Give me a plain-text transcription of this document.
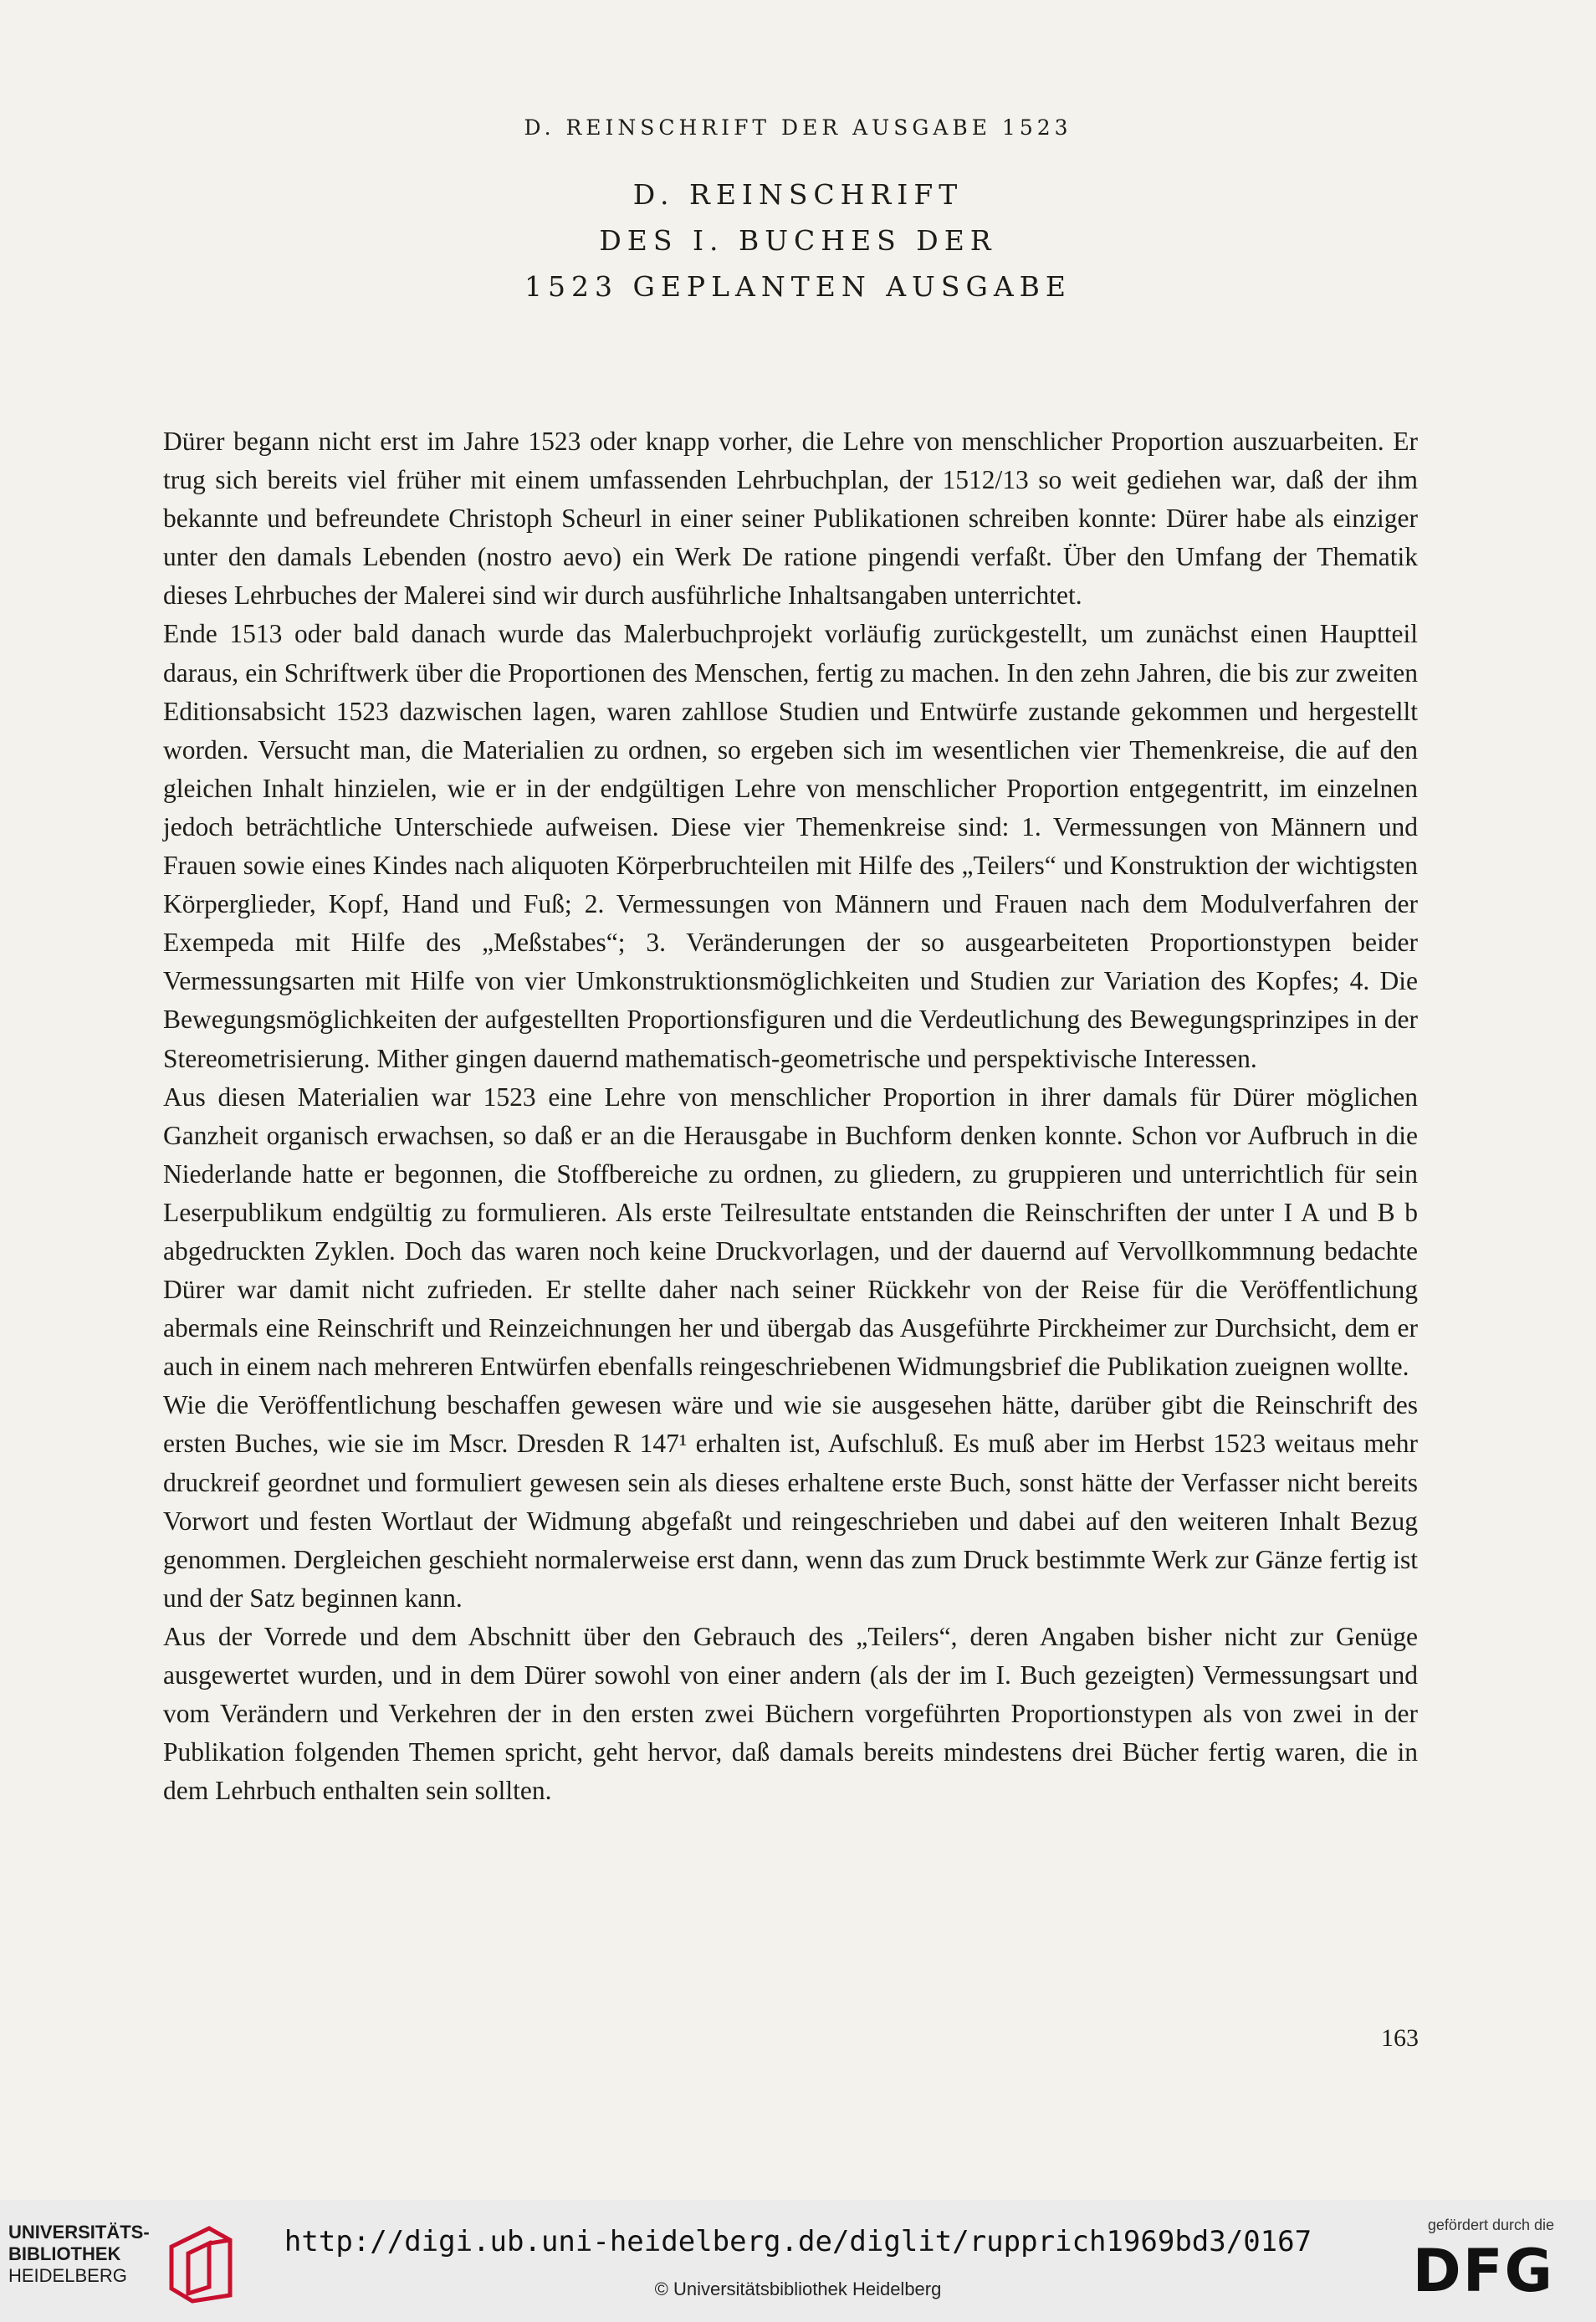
D. REINSCHRIFT DER AUSGABE 1523
D. REINSCHRIFT
DES I. BUCHES DER
1523 GEPLANTEN AUSGABE

Dürer begann nicht erst im Jahre 1523 oder knapp vorher, die Lehre von menschlicher Proportion auszuarbeiten. Er trug sich bereits viel früher mit einem umfassenden Lehrbuchplan, der 1512/13 so weit gediehen war, daß der ihm bekannte und befreundete Christoph Scheurl in einer seiner Publikationen schreiben konnte: Dürer habe als einziger unter den damals Lebenden (nostro aevo) ein Werk De ratione pingendi verfaßt. Über den Umfang der Thematik dieses Lehrbuches der Malerei sind wir durch ausführliche Inhaltsangaben unterrichtet.

Ende 1513 oder bald danach wurde das Malerbuchprojekt vorläufig zurückgestellt, um zunächst einen Hauptteil daraus, ein Schriftwerk über die Proportionen des Menschen, fertig zu machen. In den zehn Jahren, die bis zur zweiten Editionsabsicht 1523 dazwischen lagen, waren zahllose Studien und Entwürfe zustande gekommen und hergestellt worden. Versucht man, die Materialien zu ordnen, so ergeben sich im wesentlichen vier Themenkreise, die auf den gleichen Inhalt hinzielen, wie er in der endgültigen Lehre von menschlicher Proportion entgegentritt, im einzelnen jedoch beträchtliche Unterschiede aufweisen. Diese vier Themenkreise sind: 1. Vermessungen von Männern und Frauen sowie eines Kindes nach aliquoten Körperbruchteilen mit Hilfe des „Teilers“ und Konstruktion der wichtigsten Körperglieder, Kopf, Hand und Fuß; 2. Vermessungen von Männern und Frauen nach dem Modulverfahren der Exempeda mit Hilfe des „Meßstabes“; 3. Veränderungen der so ausgearbeiteten Proportionstypen beider Vermessungsarten mit Hilfe von vier Umkonstruktionsmöglichkeiten und Studien zur Variation des Kopfes; 4. Die Bewegungsmöglichkeiten der aufgestellten Proportionsfiguren und die Verdeutlichung des Bewegungsprinzipes in der Stereometrisierung. Mither gingen dauernd mathematisch-geometrische und perspektivische Interessen.

Aus diesen Materialien war 1523 eine Lehre von menschlicher Proportion in ihrer damals für Dürer möglichen Ganzheit organisch erwachsen, so daß er an die Herausgabe in Buchform denken konnte. Schon vor Aufbruch in die Niederlande hatte er begonnen, die Stoffbereiche zu ordnen, zu gliedern, zu gruppieren und unterrichtlich für sein Leserpublikum endgültig zu formulieren. Als erste Teilresultate entstanden die Reinschriften der unter I A und B b abgedruckten Zyklen. Doch das waren noch keine Druckvorlagen, und der dauernd auf Vervollkommnung bedachte Dürer war damit nicht zufrieden. Er stellte daher nach seiner Rückkehr von der Reise für die Veröffentlichung abermals eine Reinschrift und Reinzeichnungen her und übergab das Ausgeführte Pirckheimer zur Durchsicht, dem er auch in einem nach mehreren Entwürfen ebenfalls reingeschriebenen Widmungsbrief die Publikation zueignen wollte.

Wie die Veröffentlichung beschaffen gewesen wäre und wie sie ausgesehen hätte, darüber gibt die Reinschrift des ersten Buches, wie sie im Mscr. Dresden R 147¹ erhalten ist, Aufschluß. Es muß aber im Herbst 1523 weitaus mehr druckreif geordnet und formuliert gewesen sein als dieses erhaltene erste Buch, sonst hätte der Verfasser nicht bereits Vorwort und festen Wortlaut der Widmung abgefaßt und reingeschrieben und dabei auf den weiteren Inhalt Bezug genommen. Dergleichen geschieht normalerweise erst dann, wenn das zum Druck bestimmte Werk zur Gänze fertig ist und der Satz beginnen kann.

Aus der Vorrede und dem Abschnitt über den Gebrauch des „Teilers“, deren Angaben bisher nicht zur Genüge ausgewertet wurden, und in dem Dürer sowohl von einer andern (als der im I. Buch gezeigten) Vermessungsart und vom Verändern und Verkehren der in den ersten zwei Büchern vorgeführten Proportionstypen als von zwei in der Publikation folgenden Themen spricht, geht hervor, daß damals bereits mindestens drei Bücher fertig waren, die in dem Lehrbuch enthalten sein sollten.

163
UNIVERSITÄTS-
BIBLIOTHEK
HEIDELBERG
http://digi.ub.uni-heidelberg.de/diglit/rupprich1969bd3/0167
© Universitätsbibliothek Heidelberg
gefördert durch die
DFG
